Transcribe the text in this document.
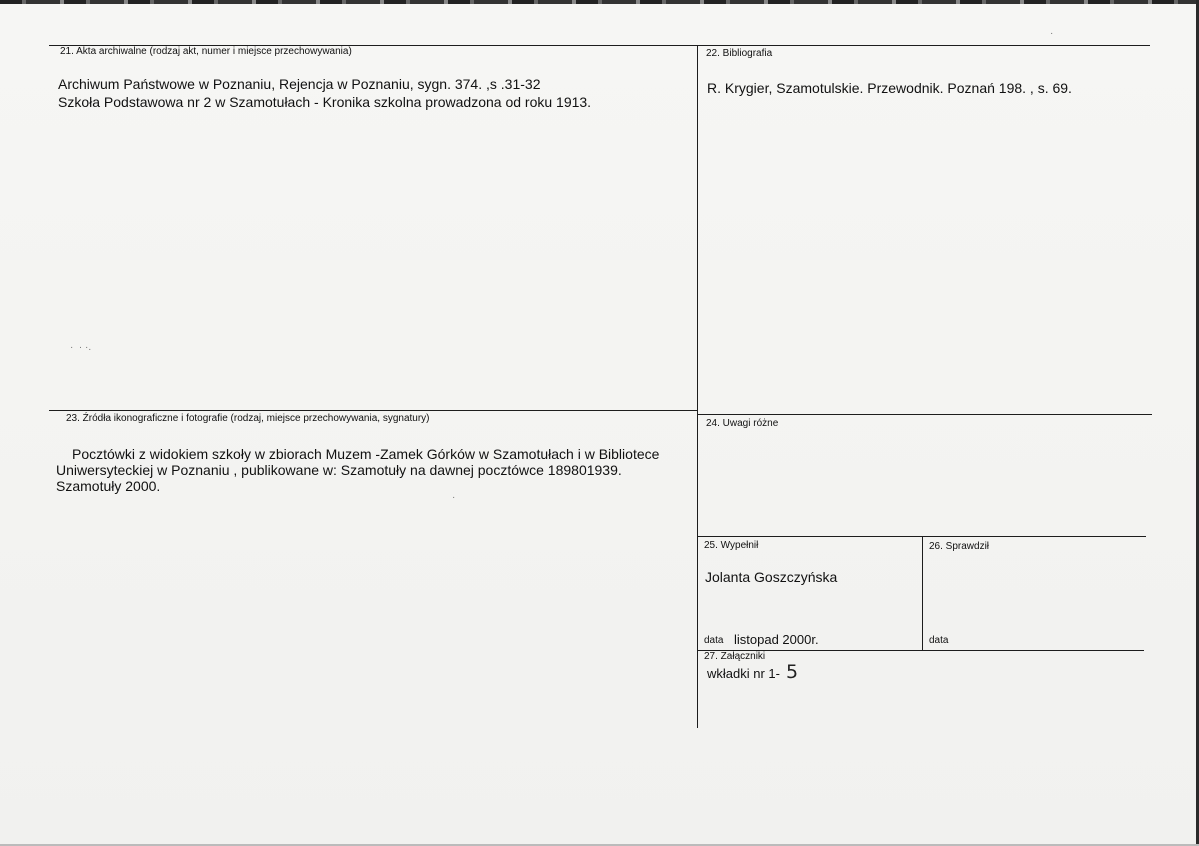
21. Akta archiwalne (rodzaj akt, numer i miejsce przechowywania)
Archiwum Państwowe w Poznaniu, Rejencja w Poznaniu, sygn. 374. ,s .31-32
Szkoła Podstawowa nr 2 w Szamotułach - Kronika szkolna prowadzona od roku 1913.
22. Bibliografia
R. Krygier, Szamotulskie. Przewodnik. Poznań 198. , s. 69.
23. Źródła ikonograficzne i fotografie (rodzaj, miejsce przechowywania, sygnatury)
Pocztówki z widokiem szkoły w zbiorach Muzem -Zamek Górków w Szamotułach i w Bibliotece
Uniwersyteckiej w Poznaniu , publikowane w: Szamotuły na dawnej pocztówce 189801939.
Szamotuły 2000.
24. Uwagi różne
25. Wypełnił
Jolanta Goszczyńska
data listopad 2000r.
26. Sprawdził
data
27. Załączniki
wkładki nr 1- 5
·  · ·.
·
·
